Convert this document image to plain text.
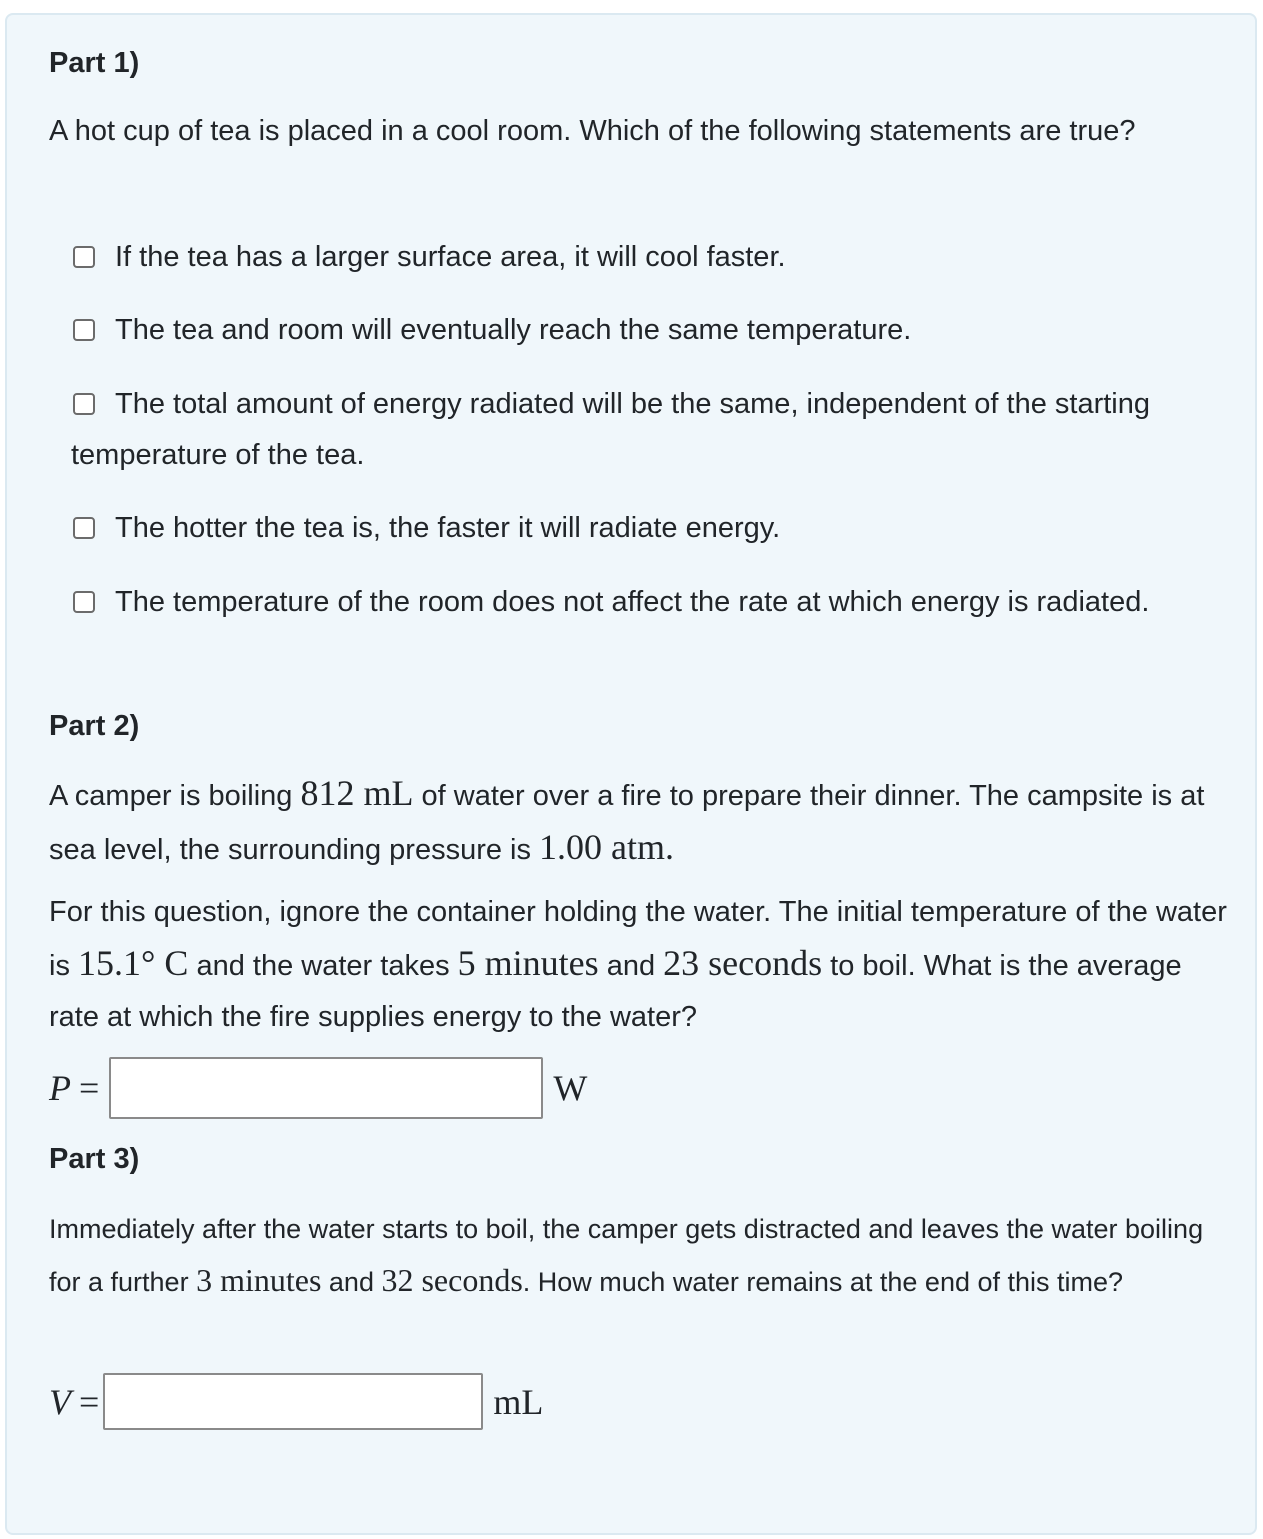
Part 1)

A hot cup of tea is placed in a cool room. Which of the following statements are true?

If the tea has a larger surface area, it will cool faster.
The tea and room will eventually reach the same temperature.
The total amount of energy radiated will be the same, independent of the starting temperature of the tea.
The hotter the tea is, the faster it will radiate energy.
The temperature of the room does not affect the rate at which energy is radiated.
Part 2)

A camper is boiling 812 mL of water over a fire to prepare their dinner. The campsite is at sea level, the surrounding pressure is 1.00 atm.

For this question, ignore the container holding the water. The initial temperature of the water is 15.1° C and the water takes 5 minutes and 23 seconds to boil. What is the average rate at which the fire supplies energy to the water?

P =	W
Part 3)

Immediately after the water starts to boil, the camper gets distracted and leaves the water boiling for a further 3 minutes and 32 seconds. How much water remains at the end of this time?

V =	mL
